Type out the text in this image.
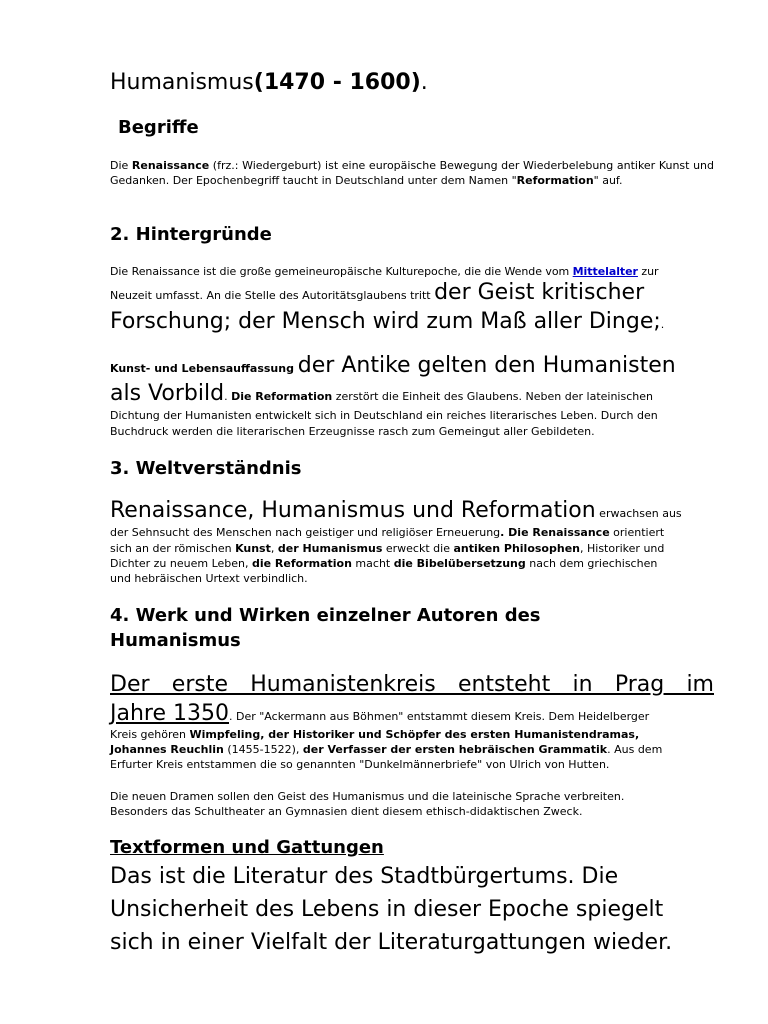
Humanismus(1470 - 1600).
Begriffe
Die Renaissance (frz.: Wiedergeburt) ist eine europäische Bewegung der Wiederbelebung antiker Kunst und Gedanken. Der Epochenbegriff taucht in Deutschland unter dem Namen "Reformation" auf.
2. Hintergründe
Die Renaissance ist die große gemeineuropäische Kulturepoche, die die Wende vom Mittelalter zur
Neuzeit umfasst. An die Stelle des Autoritätsglaubens tritt der Geist kritischer
Forschung; der Mensch wird zum Maß aller Dinge;.
Kunst- und Lebensauffassung der Antike gelten den Humanisten
als Vorbild. Die Reformation zerstört die Einheit des Glaubens. Neben der lateinischen
Dichtung der Humanisten entwickelt sich in Deutschland ein reiches literarisches Leben. Durch den
Buchdruck werden die literarischen Erzeugnisse rasch zum Gemeingut aller Gebildeten.
3. Weltverständnis
Renaissance, Humanismus und Reformation erwachsen aus
der Sehnsucht des Menschen nach geistiger und religiöser Erneuerung. Die Renaissance orientiert
sich an der römischen Kunst, der Humanismus erweckt die antiken Philosophen, Historiker und
Dichter zu neuem Leben, die Reformation macht die Bibelübersetzung nach dem griechischen
und hebräischen Urtext verbindlich.
4. Werk und Wirken einzelner Autoren des
Humanismus
Der erste Humanistenkreis entsteht in Prag im
Jahre 1350. Der "Ackermann aus Böhmen" entstammt diesem Kreis. Dem Heidelberger
Kreis gehören Wimpfeling, der Historiker und Schöpfer des ersten Humanistendramas,
Johannes Reuchlin (1455-1522), der Verfasser der ersten hebräischen Grammatik. Aus dem
Erfurter Kreis entstammen die so genannten "Dunkelmännerbriefe" von Ulrich von Hutten.
Die neuen Dramen sollen den Geist des Humanismus und die lateinische Sprache verbreiten.
Besonders das Schultheater an Gymnasien dient diesem ethisch-didaktischen Zweck.
Textformen und Gattungen
Das ist die Literatur des Stadtbürgertums. Die
Unsicherheit des Lebens in dieser Epoche spiegelt
sich in einer Vielfalt der Literaturgattungen wieder.
